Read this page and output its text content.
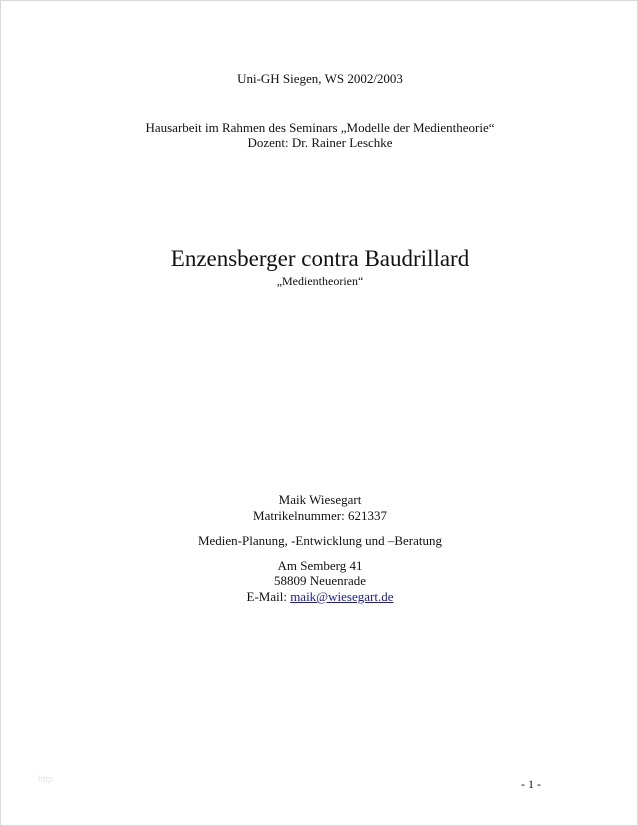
Uni-GH Siegen, WS 2002/2003
Hausarbeit im Rahmen des Seminars „Modelle der Medientheorie“
Dozent: Dr. Rainer Leschke
Enzensberger contra Baudrillard
„Medientheorien“
Maik Wiesegart
Matrikelnummer: 621337
Medien-Planung, -Entwicklung und –Beratung
Am Semberg 41
58809 Neuenrade
E-Mail: maik@wiesegart.de
http	- 1 -
